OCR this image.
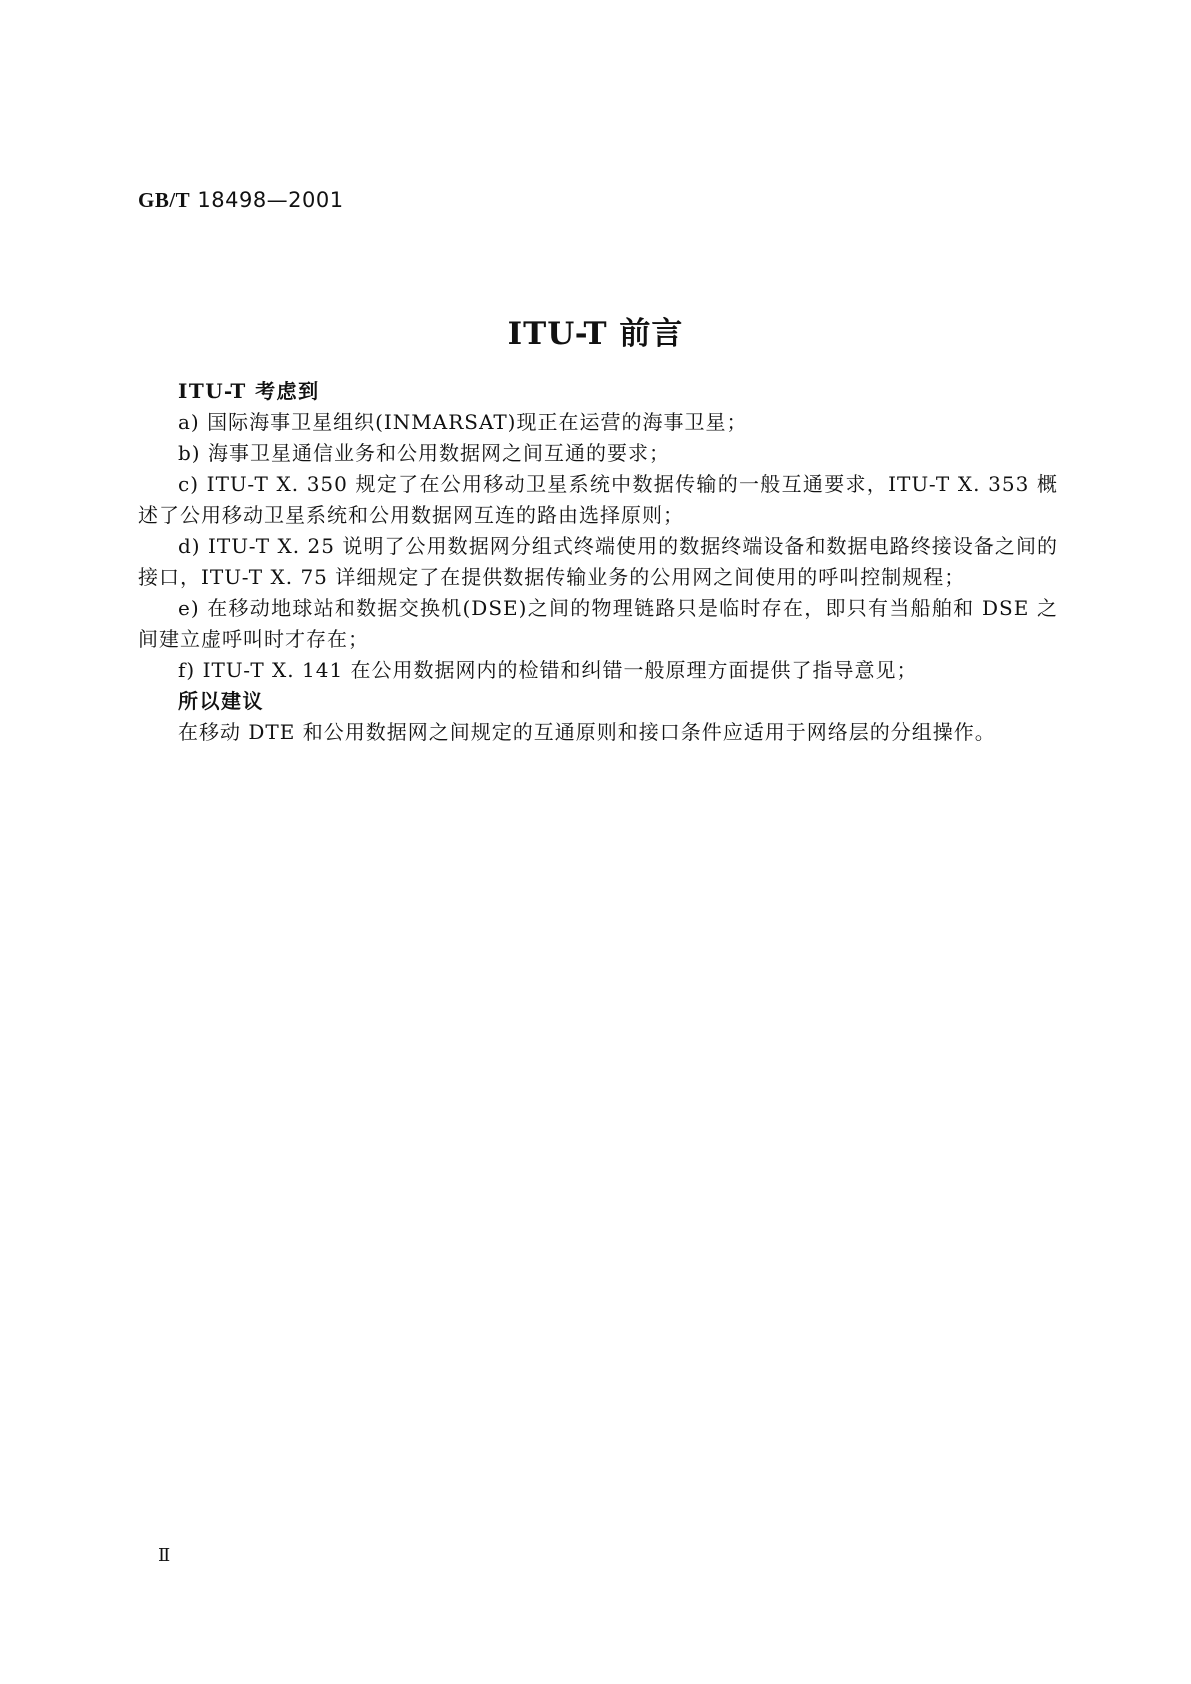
GB/T 18498—2001
ITU-T 前言

ITU-T 考虑到

a) 国际海事卫星组织(INMARSAT)现正在运营的海事卫星；

b) 海事卫星通信业务和公用数据网之间互通的要求；

c) ITU-T X. 350 规定了在公用移动卫星系统中数据传输的一般互通要求，ITU-T X. 353 概述了公用移动卫星系统和公用数据网互连的路由选择原则；

d) ITU-T X. 25 说明了公用数据网分组式终端使用的数据终端设备和数据电路终接设备之间的接口，ITU-T X. 75 详细规定了在提供数据传输业务的公用网之间使用的呼叫控制规程；

e) 在移动地球站和数据交换机(DSE)之间的物理链路只是临时存在，即只有当船舶和 DSE 之间建立虚呼叫时才存在；

f) ITU-T X. 141 在公用数据网内的检错和纠错一般原理方面提供了指导意见；

所以建议

在移动 DTE 和公用数据网之间规定的互通原则和接口条件应适用于网络层的分组操作。

Ⅱ
